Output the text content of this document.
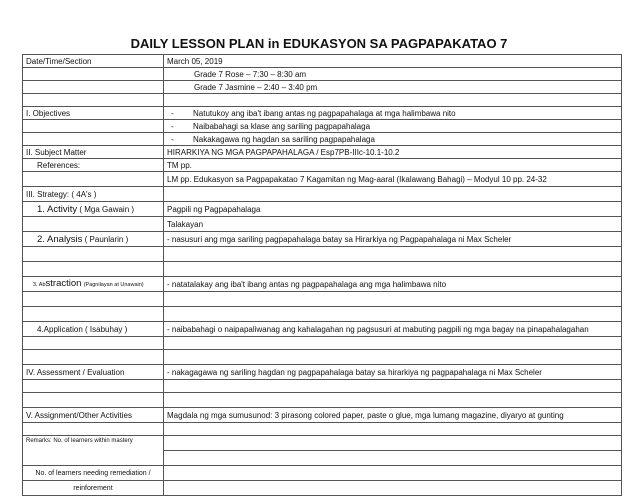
DAILY LESSON PLAN in EDUKASYON SA PAGPAPAKATAO 7
Date/Time/Section	March 05, 2019
	Grade 7 Rose – 7:30 – 8:30 am
	Grade 7 Jasmine – 2:40 – 3:40 pm

I. Objectives	- Natutukoy ang iba't ibang antas ng pagpapahalaga at mga halimbawa nito
	- Naibabahagi sa klase ang sariling pagpapahalaga
	- Nakakagawa ng hagdan sa sariling pagpapahalaga
II. Subject Matter	HIRARKIYA NG MGA PAGPAPAHALAGA / Esp7PB-IIIc-10.1-10.2
References:	TM pp.
	LM pp. Edukasyon sa Pagpapakatao 7 Kagamitan ng Mag-aaral (Ikalawang Bahagi) – Modyul 10 pp. 24-32
III. Strategy: ( 4A's )	
1. Activity ( Mga Gawain )	Pagpili ng Pagpapahalaga
	Talakayan
2. Analysis ( Paunlarin )	- nasusuri ang mga sariling pagpapahalaga batay sa Hirarkiya ng Pagpapahalaga ni Max Scheler

3. Abstraction (Pagnilayan at Unawain)	- natatalakay ang iba't ibang antas ng pagpapahalaga ang mga halimbawa nito

4.Application ( Isabuhay )	- naibabahagi o naipapaliwanag ang kahalagahan ng pagsusuri at mabuting pagpili ng mga bagay na pinapahalagahan

IV. Assessment / Evaluation	- nakagagawa ng sariling hagdan ng pagpapahalaga batay sa hirarkiya ng pagpapahalaga ni Max Scheler

V. Assignment/Other Activities	Magdala ng mga sumusunod: 3 pirasong colored paper, paste o glue, mga lumang magazine, diyaryo at gunting

Remarks: No. of learners within mastery	

No. of learners needing remediation /	
reinforement	
